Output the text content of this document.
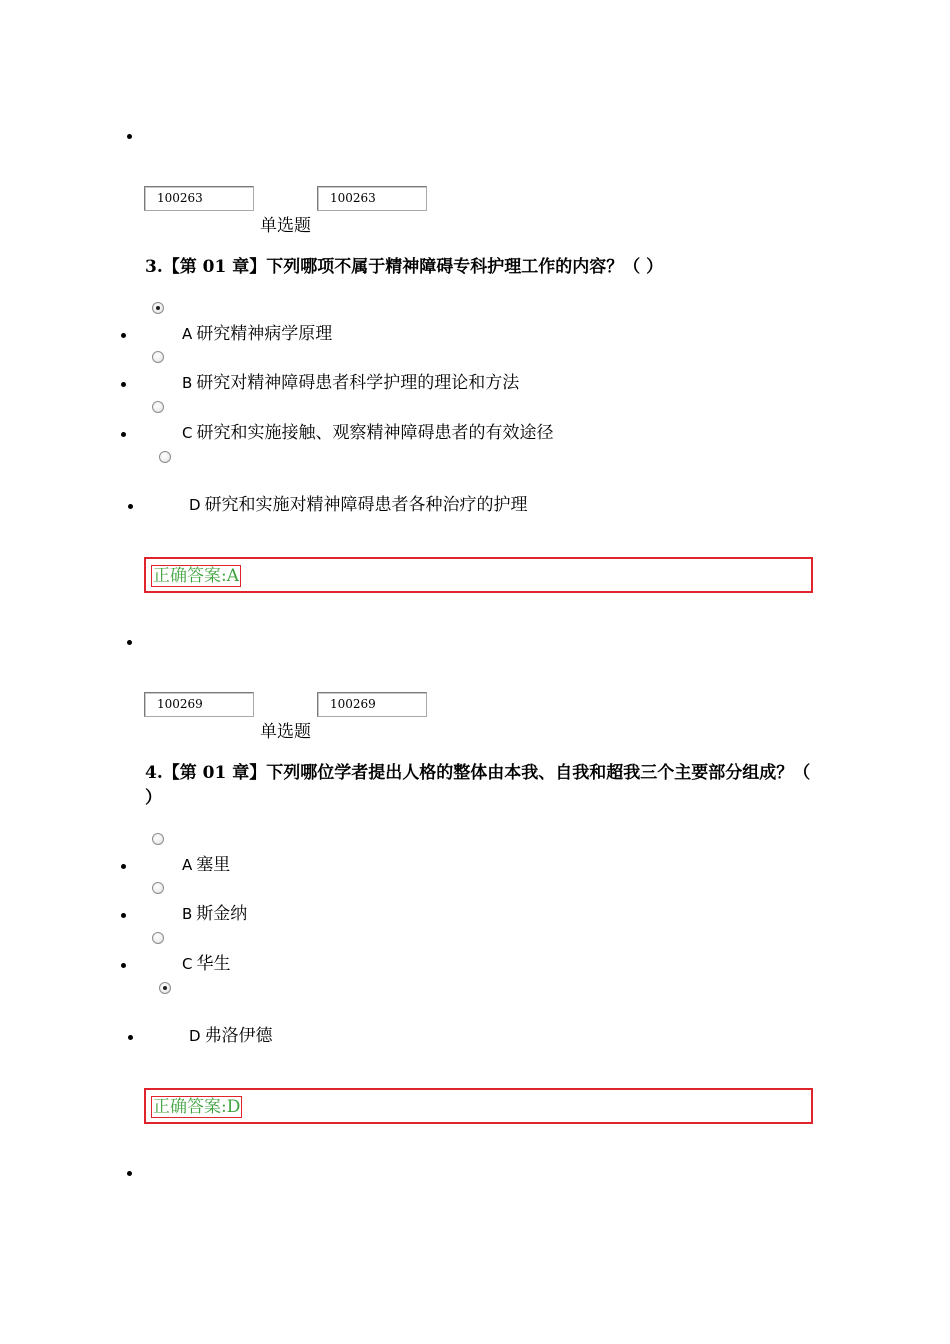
100263	100263
单选题
3.【第 01 章】下列哪项不属于精神障碍专科护理工作的内容？（ ）
A 研究精神病学原理
B 研究对精神障碍患者科学护理的理论和方法
C 研究和实施接触、观察精神障碍患者的有效途径
D 研究和实施对精神障碍患者各种治疗的护理
正确答案:A
100269	100269
单选题
4.【第 01 章】下列哪位学者提出人格的整体由本我、自我和超我三个主要部分组成？（ ）
A 塞里
B 斯金纳
C 华生
D 弗洛伊德
正确答案:D
